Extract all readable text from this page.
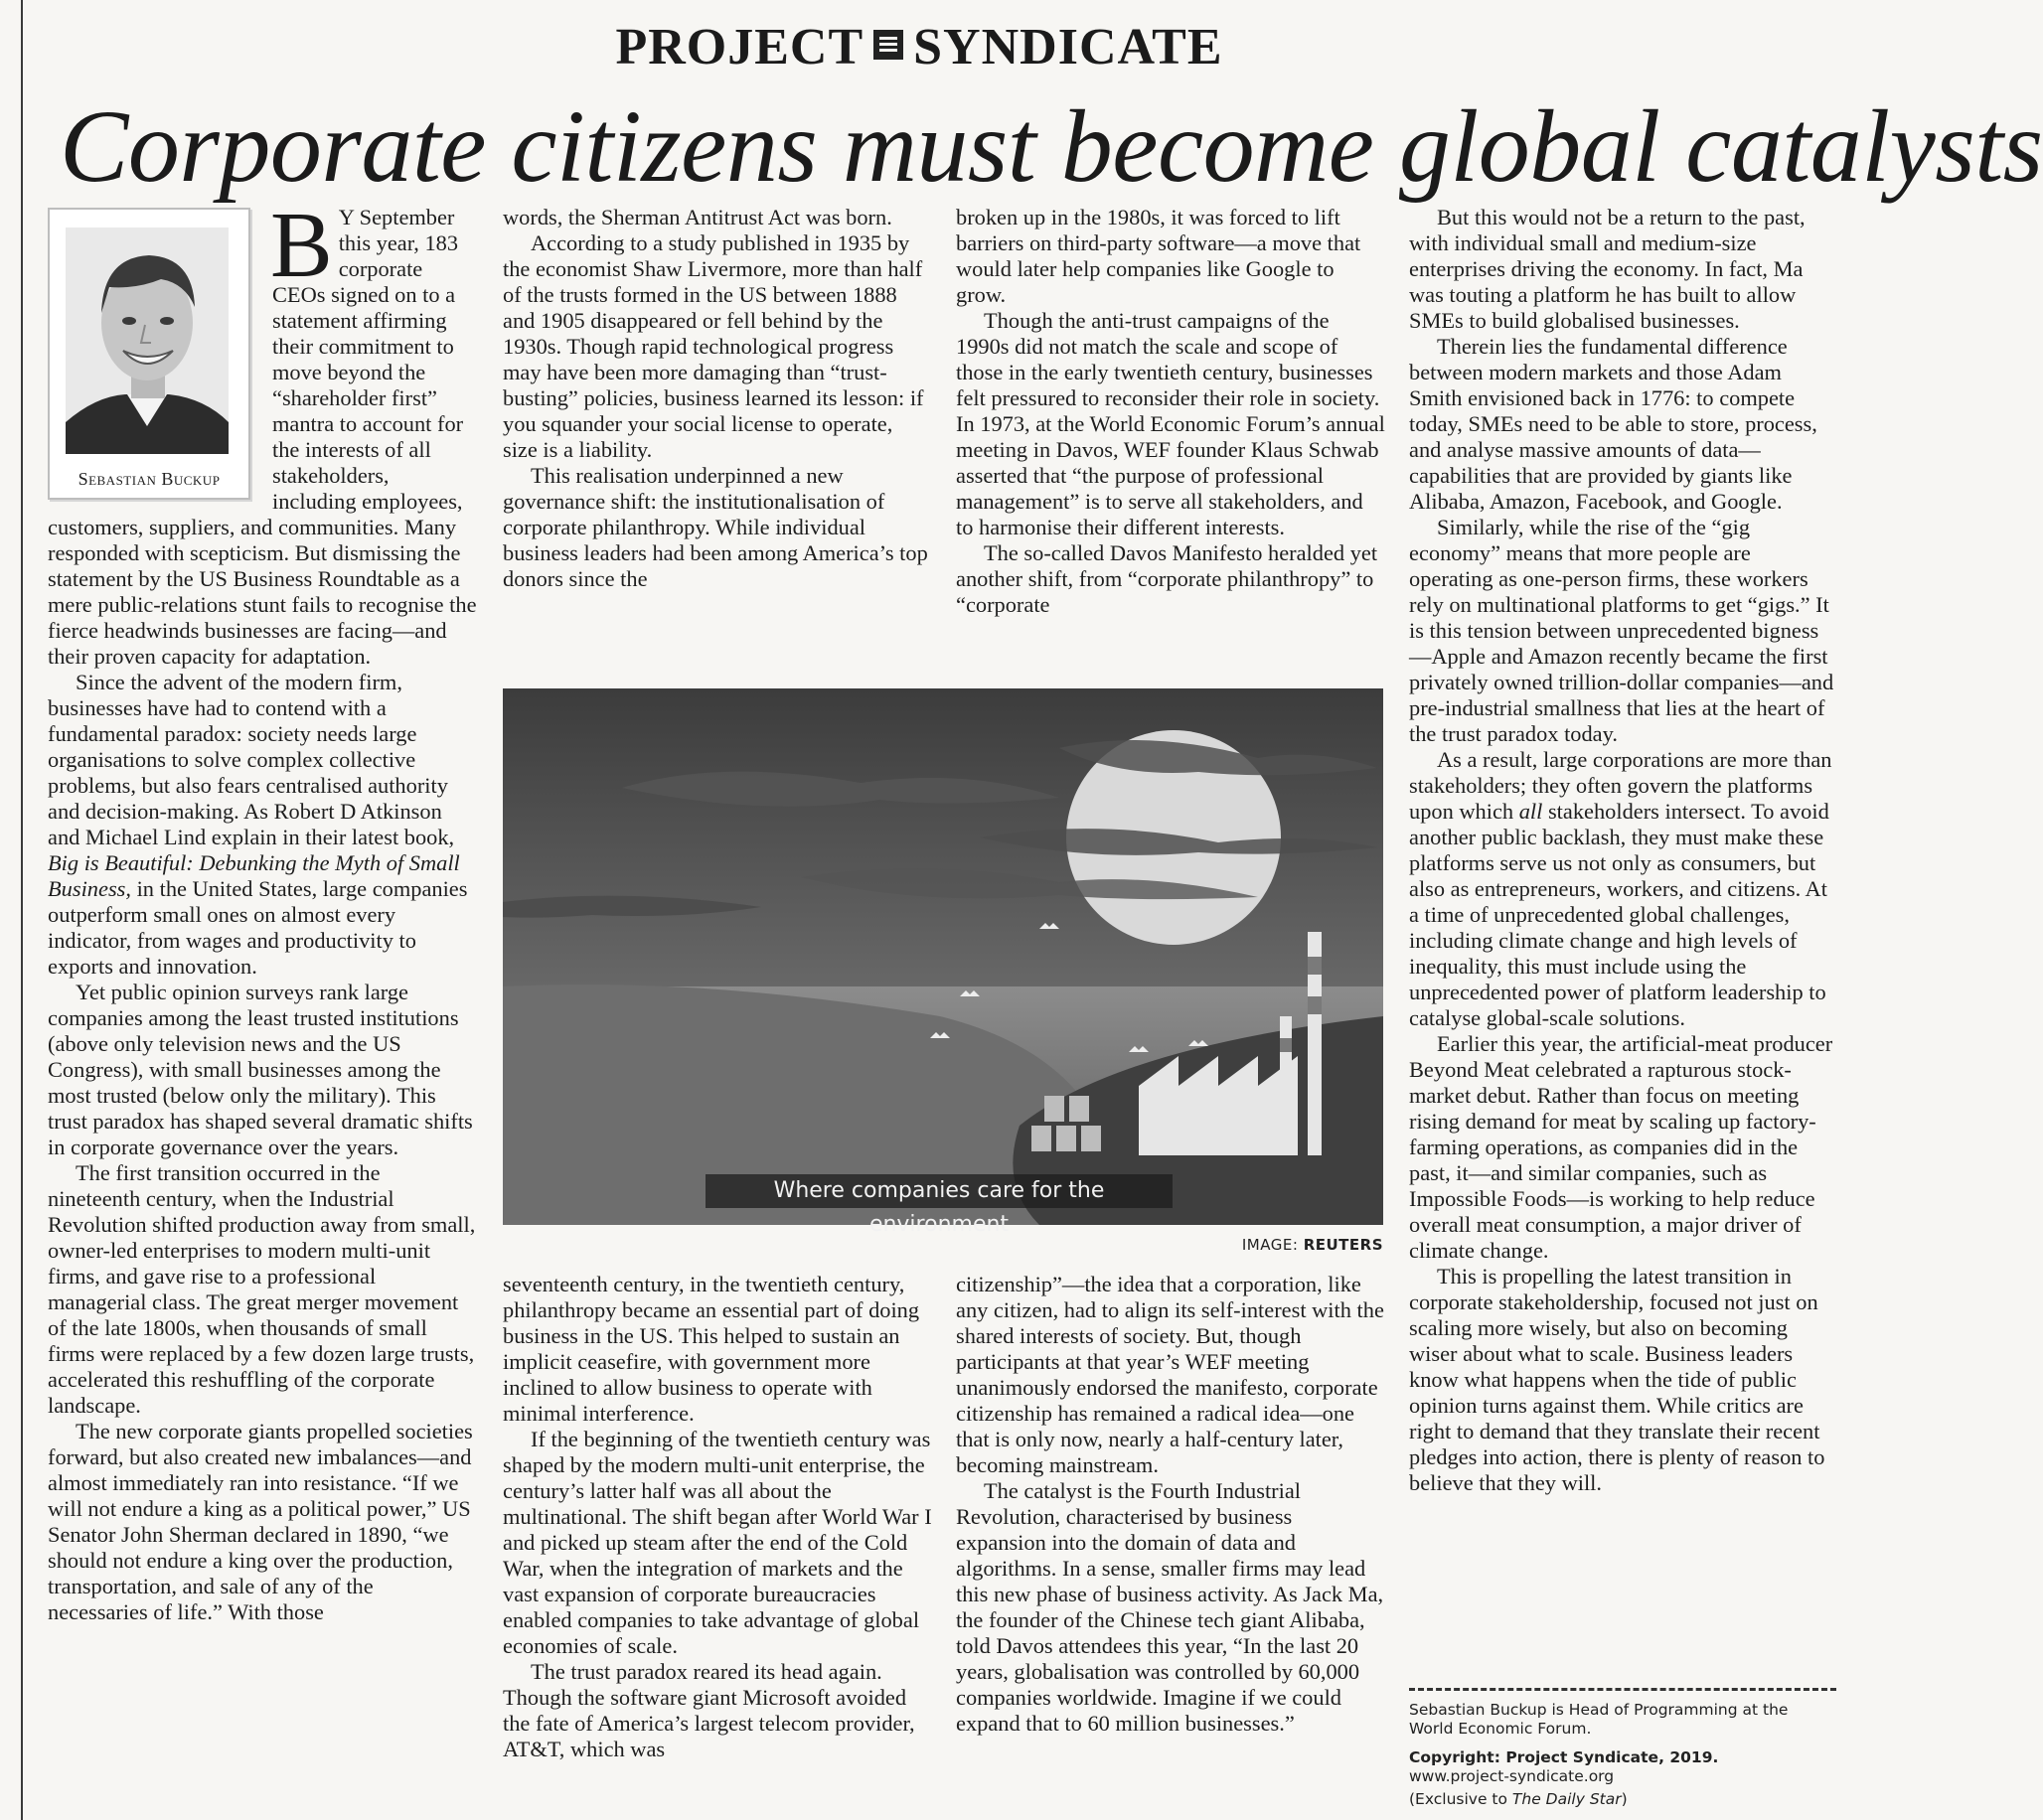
PROJECT SYNDICATE
Corporate citizens must become global catalysts
Sebastian Buckup

B Y September this year, 183 corporate CEOs signed on to a statement affirming their commitment to move beyond the “shareholder first” mantra to account for the interests of all stakeholders, including employees, customers, suppliers, and communities. Many responded with scepticism. But dismissing the statement by the US Business Roundtable as a mere public-relations stunt fails to recognise the fierce headwinds businesses are facing—and their proven capacity for adaptation.

Since the advent of the modern firm, businesses have had to contend with a fundamental paradox: society needs large organisations to solve complex collective problems, but also fears centralised authority and decision-making. As Robert D Atkinson and Michael Lind explain in their latest book, Big is Beautiful: Debunking the Myth of Small Business, in the United States, large companies outperform small ones on almost every indicator, from wages and productivity to exports and innovation.

Yet public opinion surveys rank large companies among the least trusted institutions (above only television news and the US Congress), with small businesses among the most trusted (below only the military). This trust paradox has shaped several dramatic shifts in corporate governance over the years.

The first transition occurred in the nineteenth century, when the Industrial Revolution shifted production away from small, owner-led enterprises to modern multi-unit firms, and gave rise to a professional managerial class. The great merger movement of the late 1800s, when thousands of small firms were replaced by a few dozen large trusts, accelerated this reshuffling of the corporate landscape.

The new corporate giants propelled societies forward, but also created new imbalances—and almost immediately ran into resistance. “If we will not endure a king as a political power,” US Senator John Sherman declared in 1890, “we should not endure a king over the production, transportation, and sale of any of the necessaries of life.” With those

words, the Sherman Antitrust Act was born.

According to a study published in 1935 by the economist Shaw Livermore, more than half of the trusts formed in the US between 1888 and 1905 disappeared or fell behind by the 1930s. Though rapid technological progress may have been more damaging than “trust-busting” policies, business learned its lesson: if you squander your social license to operate, size is a liability.

This realisation underpinned a new governance shift: the institutionalisation of corporate philanthropy. While individual business leaders had been among America’s top donors since the

broken up in the 1980s, it was forced to lift barriers on third-party software—a move that would later help companies like Google to grow.

Though the anti-trust campaigns of the 1990s did not match the scale and scope of those in the early twentieth century, businesses felt pressured to reconsider their role in society. In 1973, at the World Economic Forum’s annual meeting in Davos, WEF founder Klaus Schwab asserted that “the purpose of professional management” is to serve all stakeholders, and to harmonise their different interests.

The so-called Davos Manifesto heralded yet another shift, from “corporate philanthropy” to “corporate

Where companies care for the environment
IMAGE: REUTERS

seventeenth century, in the twentieth century, philanthropy became an essential part of doing business in the US. This helped to sustain an implicit ceasefire, with government more inclined to allow business to operate with minimal interference.

If the beginning of the twentieth century was shaped by the modern multi-unit enterprise, the century’s latter half was all about the multinational. The shift began after World War I and picked up steam after the end of the Cold War, when the integration of markets and the vast expansion of corporate bureaucracies enabled companies to take advantage of global economies of scale.

The trust paradox reared its head again. Though the software giant Microsoft avoided the fate of America’s largest telecom provider, AT&T, which was

citizenship”—the idea that a corporation, like any citizen, had to align its self-interest with the shared interests of society. But, though participants at that year’s WEF meeting unanimously endorsed the manifesto, corporate citizenship has remained a radical idea—one that is only now, nearly a half-century later, becoming mainstream.

The catalyst is the Fourth Industrial Revolution, characterised by business expansion into the domain of data and algorithms. In a sense, smaller firms may lead this new phase of business activity. As Jack Ma, the founder of the Chinese tech giant Alibaba, told Davos attendees this year, “In the last 20 years, globalisation was controlled by 60,000 companies worldwide. Imagine if we could expand that to 60 million businesses.”

But this would not be a return to the past, with individual small and medium-size enterprises driving the economy. In fact, Ma was touting a platform he has built to allow SMEs to build globalised businesses.

Therein lies the fundamental difference between modern markets and those Adam Smith envisioned back in 1776: to compete today, SMEs need to be able to store, process, and analyse massive amounts of data—capabilities that are provided by giants like Alibaba, Amazon, Facebook, and Google.

Similarly, while the rise of the “gig economy” means that more people are operating as one-person firms, these workers rely on multinational platforms to get “gigs.” It is this tension between unprecedented bigness—Apple and Amazon recently became the first privately owned trillion-dollar companies—and pre-industrial smallness that lies at the heart of the trust paradox today.

As a result, large corporations are more than stakeholders; they often govern the platforms upon which all stakeholders intersect. To avoid another public backlash, they must make these platforms serve us not only as consumers, but also as entrepreneurs, workers, and citizens. At a time of unprecedented global challenges, including climate change and high levels of inequality, this must include using the unprecedented power of platform leadership to catalyse global-scale solutions.

Earlier this year, the artificial-meat producer Beyond Meat celebrated a rapturous stock-market debut. Rather than focus on meeting rising demand for meat by scaling up factory-farming operations, as companies did in the past, it—and similar companies, such as Impossible Foods—is working to help reduce overall meat consumption, a major driver of climate change.

This is propelling the latest transition in corporate stakeholdership, focused not just on scaling more wisely, but also on becoming wiser about what to scale. Business leaders know what happens when the tide of public opinion turns against them. While critics are right to demand that they translate their recent pledges into action, there is plenty of reason to believe that they will.

Sebastian Buckup is Head of Programming at the World Economic Forum.
Copyright: Project Syndicate, 2019.
www.project-syndicate.org
(Exclusive to The Daily Star)
